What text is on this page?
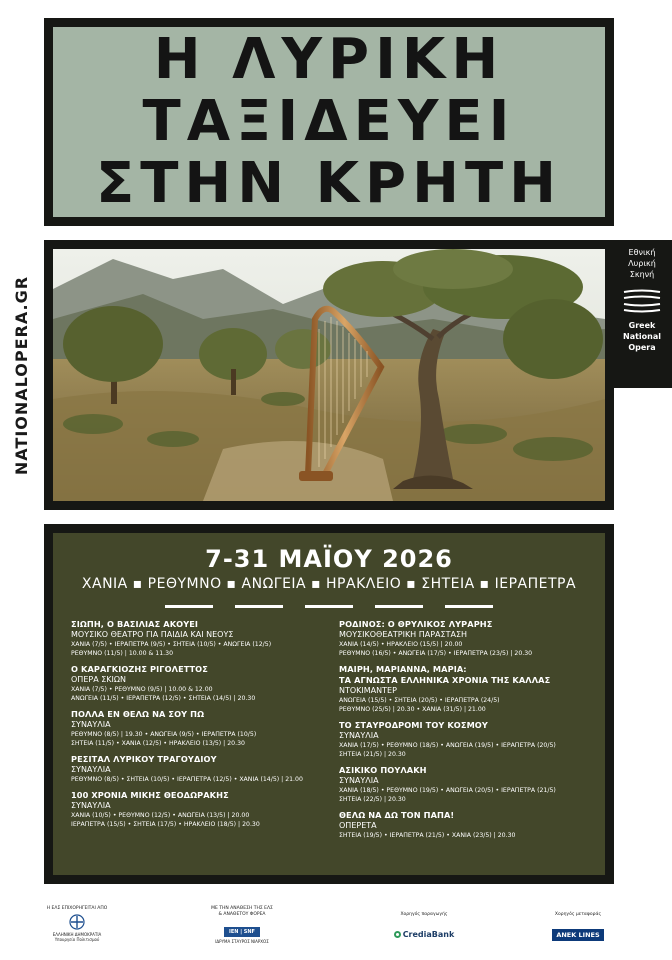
Η ΛΥΡΙΚΗ
ΤΑΞΙΔΕΥΕΙ
ΣΤΗΝ ΚΡΗΤΗ
NATIONALOPERA.GR
Εθνική
Λυρική
Σκηνή
Greek
National
Opera
7-31 ΜΑΪΟΥ 2026
ΧΑΝΙΑ ▪ ΡΕΘΥΜΝΟ ▪ ΑΝΩΓΕΙΑ ▪ ΗΡΑΚΛΕΙΟ ▪ ΣΗΤΕΙΑ ▪ ΙΕΡΑΠΕΤΡΑ
ΣΙΩΠΗ, Ο ΒΑΣΙΛΙΑΣ ΑΚΟΥΕΙ
ΜΟΥΣΙΚΟ ΘΕΑΤΡΟ ΓΙΑ ΠΑΙΔΙΑ ΚΑΙ ΝΕΟΥΣ
ΧΑΝΙΑ (7/5) • ΙΕΡΑΠΕΤΡΑ (9/5) • ΣΗΤΕΙΑ (10/5) • ΑΝΩΓΕΙΑ (12/5)
ΡΕΘΥΜΝΟ (11/5) | 10.00 & 11.30
Ο ΚΑΡΑΓΚΙΟΖΗΣ ΡΙΓΟΛΕΤΤΟΣ
ΟΠΕΡΑ ΣΚΙΩΝ
ΧΑΝΙΑ (7/5) • ΡΕΘΥΜΝΟ (9/5) | 10.00 & 12.00
ΑΝΩΓΕΙΑ (11/5) • ΙΕΡΑΠΕΤΡΑ (12/5) • ΣΗΤΕΙΑ (14/5) | 20.30
ΠΟΛΛΑ ΕΝ ΘΕΛΩ ΝΑ ΣΟΥ ΠΩ
ΣΥΝΑΥΛΙΑ
ΡΕΘΥΜΝΟ (8/5) | 19.30 • ΑΝΩΓΕΙΑ (9/5) • ΙΕΡΑΠΕΤΡΑ (10/5)
ΣΗΤΕΙΑ (11/5) • ΧΑΝΙΑ (12/5) • ΗΡΑΚΛΕΙΟ (13/5) | 20.30
ΡΕΣΙΤΑΛ ΛΥΡΙΚΟΥ ΤΡΑΓΟΥΔΙΟΥ
ΣΥΝΑΥΛΙΑ
ΡΕΘΥΜΝΟ (8/5) • ΣΗΤΕΙΑ (10/5) • ΙΕΡΑΠΕΤΡΑ (12/5) • ΧΑΝΙΑ (14/5) | 21.00
100 ΧΡΟΝΙΑ ΜΙΚΗΣ ΘΕΟΔΩΡΑΚΗΣ
ΣΥΝΑΥΛΙΑ
ΧΑΝΙΑ (10/5) • ΡΕΘΥΜΝΟ (12/5) • ΑΝΩΓΕΙΑ (13/5) | 20.00
ΙΕΡΑΠΕΤΡΑ (15/5) • ΣΗΤΕΙΑ (17/5) • ΗΡΑΚΛΕΙΟ (18/5) | 20.30
ΡΟΔΙΝΟΣ: Ο ΘΡΥΛΙΚΟΣ ΛΥΡΑΡΗΣ
ΜΟΥΣΙΚΟΘΕΑΤΡΙΚΗ ΠΑΡΑΣΤΑΣΗ
ΧΑΝΙΑ (14/5) • ΗΡΑΚΛΕΙΟ (15/5) | 20.00
ΡΕΘΥΜΝΟ (16/5) • ΑΝΩΓΕΙΑ (17/5) • ΙΕΡΑΠΕΤΡΑ (23/5) | 20.30
ΜΑΙΡΗ, ΜΑΡΙΑΝΝΑ, ΜΑΡΙΑ:
ΤΑ ΑΓΝΩΣΤΑ ΕΛΛΗΝΙΚΑ ΧΡΟΝΙΑ ΤΗΣ ΚΑΛΛΑΣ
ΝΤΟΚΙΜΑΝΤΕΡ
ΑΝΩΓΕΙΑ (15/5) • ΣΗΤΕΙΑ (20/5) • ΙΕΡΑΠΕΤΡΑ (24/5)
ΡΕΘΥΜΝΟ (25/5) | 20.30 • ΧΑΝΙΑ (31/5) | 21.00
ΤΟ ΣΤΑΥΡΟΔΡΟΜΙ ΤΟΥ ΚΟΣΜΟΥ
ΣΥΝΑΥΛΙΑ
ΧΑΝΙΑ (17/5) • ΡΕΘΥΜΝΟ (18/5) • ΑΝΩΓΕΙΑ (19/5) • ΙΕΡΑΠΕΤΡΑ (20/5)
ΣΗΤΕΙΑ (21/5) | 20.30
ΑΣΙΚΙΚΟ ΠΟΥΛΑΚΗ
ΣΥΝΑΥΛΙΑ
ΧΑΝΙΑ (18/5) • ΡΕΘΥΜΝΟ (19/5) • ΑΝΩΓΕΙΑ (20/5) • ΙΕΡΑΠΕΤΡΑ (21/5)
ΣΗΤΕΙΑ (22/5) | 20.30
ΘΕΛΩ ΝΑ ΔΩ ΤΟΝ ΠΑΠΑ!
ΟΠΕΡΕΤΑ
ΣΗΤΕΙΑ (19/5) • ΙΕΡΑΠΕΤΡΑ (21/5) • ΧΑΝΙΑ (23/5) | 20.30
Η ΕΛΣ ΕΠΙΧΟΡΗΓΕΙΤΑΙ ΑΠΟ
ΕΛΛΗΝΙΚΗ ΔΗΜΟΚΡΑΤΙΑ
Υπουργείο Πολιτισμού
ΜΕ ΤΗΝ ΑΝΑΘΕΣΗ ΤΗΣ ΕΛΣ
& ΑΝΑΘΕΤΟΥ ΦΟΡΕΑ
IEN | SNF
ΙΔΡΥΜΑ ΣΤΑΥΡΟΣ ΝΙΑΡΧΟΣ
Χορηγός παραγωγής
CrediaBank
Χορηγός μεταφοράς
ANEK LINES
